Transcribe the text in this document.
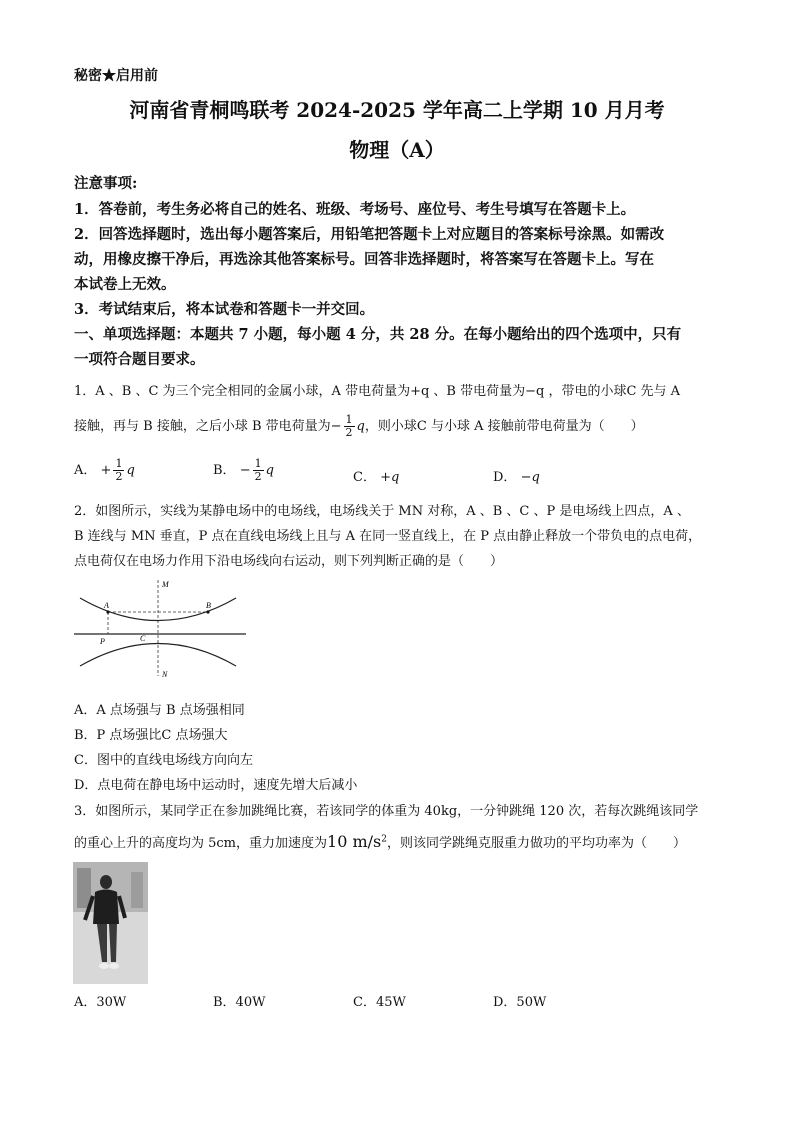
秘密★启用前
河南省青桐鸣联考 2024-2025 学年高二上学期 10 月月考
物理（A）
注意事项:
1．答卷前，考生务必将自己的姓名、班级、考场号、座位号、考生号填写在答题卡上。
2．回答选择题时，选出每小题答案后，用铅笔把答题卡上对应题目的答案标号涂黑。如需改
动，用橡皮擦干净后，再选涂其他答案标号。回答非选择题时，将答案写在答题卡上。写在
本试卷上无效。
3．考试结束后，将本试卷和答题卡一并交回。
一、单项选择题：本题共 7 小题，每小题 4 分，共 28 分。在每小题给出的四个选项中，只有
一项符合题目要求。
1．A 、B 、C 为三个完全相同的金属小球，A 带电荷量为+q 、B 带电荷量为−q ，带电的小球C 先与 A
接触，再与 B 接触，之后小球 B 带电荷量为− $\frac{1}{2}$ q，则小球C 与小球 A 接触前带电荷量为（　　）
A． + $\frac{1}{2}$ q	B． − $\frac{1}{2}$ q	C． +q	D． −q
2．如图所示，实线为某静电场中的电场线，电场线关于 MN 对称，A 、B 、C 、P 是电场线上四点，A 、
B 连线与 MN 垂直，P 点在直线电场线上且与 A 在同一竖直线上，在 P 点由静止释放一个带负电的点电荷，
点电荷仅在电场力作用下沿电场线向右运动，则下列判断正确的是（　　）
M
N
A	B
P	C
A．A 点场强与 B 点场强相同
B．P 点场强比C 点场强大
C．图中的直线电场线方向向左
D．点电荷在静电场中运动时，速度先增大后减小
3．如图所示，某同学正在参加跳绳比赛，若该同学的体重为 40kg，一分钟跳绳 120 次，若每次跳绳该同学
的重心上升的高度均为 5cm，重力加速度为10 $m/s^2$，则该同学跳绳克服重力做功的平均功率为（　　）
A．30W	B．40W	C．45W	D．50W
